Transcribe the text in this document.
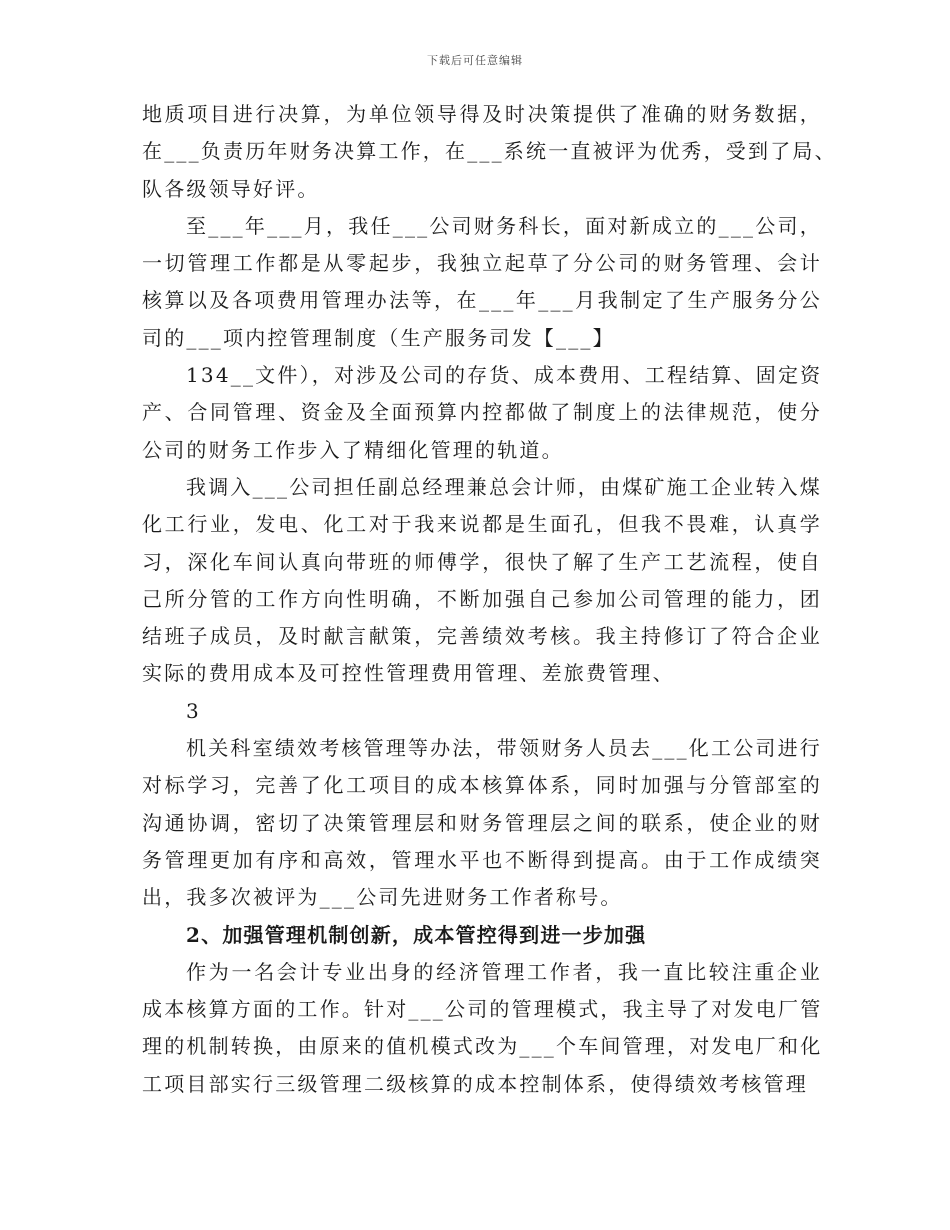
下载后可任意编辑
地质项目进行决算，为单位领导得及时决策提供了准确的财务数据，
在___负责历年财务决算工作，在___系统一直被评为优秀，受到了局、
队各级领导好评。
至___年___月，我任___公司财务科长，面对新成立的___公司，
一切管理工作都是从零起步，我独立起草了分公司的财务管理、会计
核算以及各项费用管理办法等，在___年___月我制定了生产服务分公
司的___项内控管理制度（生产服务司发【___】
134__文件），对涉及公司的存货、成本费用、工程结算、固定资
产、合同管理、资金及全面预算内控都做了制度上的法律规范，使分
公司的财务工作步入了精细化管理的轨道。
我调入___公司担任副总经理兼总会计师，由煤矿施工企业转入煤
化工行业，发电、化工对于我来说都是生面孔，但我不畏难，认真学
习，深化车间认真向带班的师傅学，很快了解了生产工艺流程，使自
己所分管的工作方向性明确，不断加强自己参加公司管理的能力，团
结班子成员，及时献言献策，完善绩效考核。我主持修订了符合企业
实际的费用成本及可控性管理费用管理、差旅费管理、
3
机关科室绩效考核管理等办法，带领财务人员去___化工公司进行
对标学习，完善了化工项目的成本核算体系，同时加强与分管部室的
沟通协调，密切了决策管理层和财务管理层之间的联系，使企业的财
务管理更加有序和高效，管理水平也不断得到提高。由于工作成绩突
出，我多次被评为___公司先进财务工作者称号。
2、加强管理机制创新，成本管控得到进一步加强
作为一名会计专业出身的经济管理工作者，我一直比较注重企业
成本核算方面的工作。针对___公司的管理模式，我主导了对发电厂管
理的机制转换，由原来的值机模式改为___个车间管理，对发电厂和化
工项目部实行三级管理二级核算的成本控制体系，使得绩效考核管理
